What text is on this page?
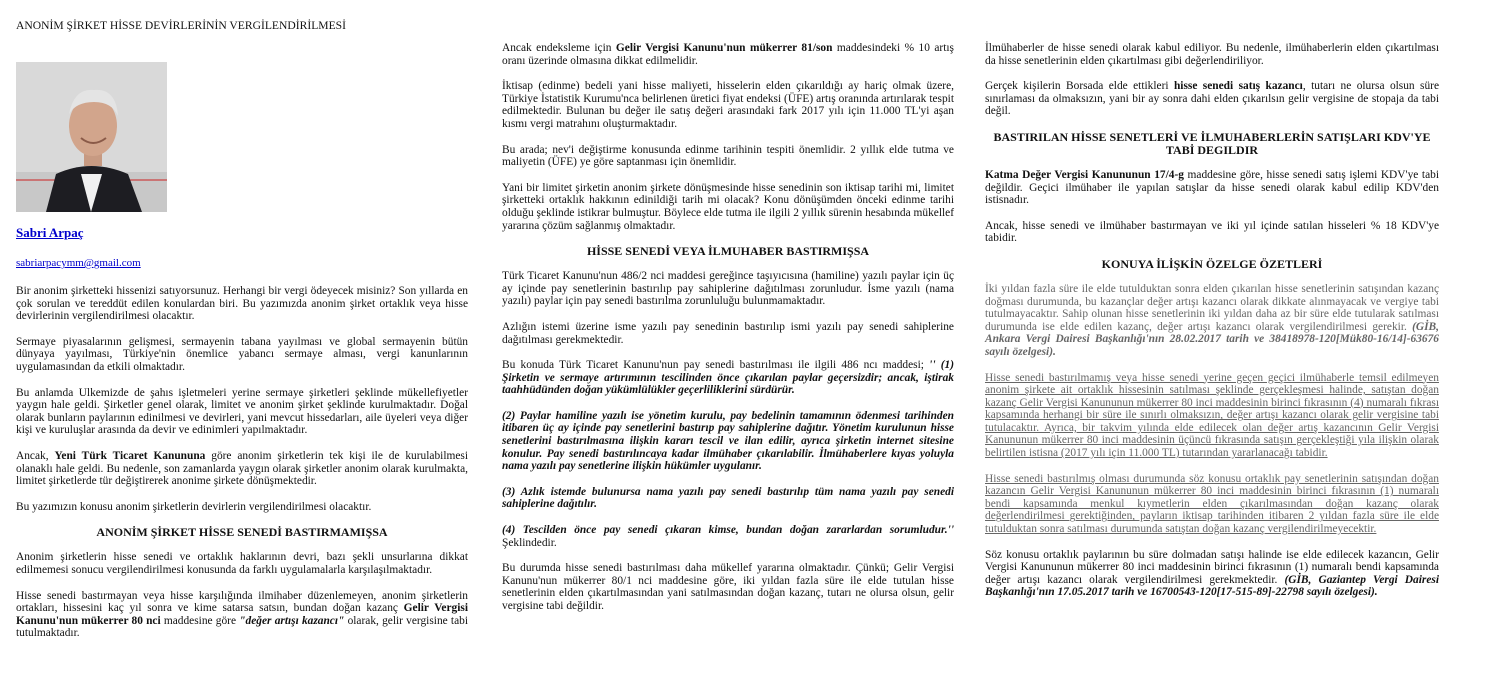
ANONİM ŞİRKET HİSSE DEVİRLERİNİN VERGİLENDİRİLMESİ
Sabri Arpaç
sabriarpacymm@gmail.com

Bir anonim şirketteki hissenizi satıyorsunuz. Herhangi bir vergi ödeyecek misiniz? Son yıllarda en çok sorulan ve tereddüt edilen konulardan biri. Bu yazımızda anonim şirket ortaklık veya hisse devirlerinin vergilendirilmesi olacaktır.

Sermaye piyasalarının gelişmesi, sermayenin tabana yayılması ve global sermayenin bütün dünyaya yayılması, Türkiye'nin önemlice yabancı sermaye alması, vergi kanunlarının uygulamasından da etkili olmaktadır.

Bu anlamda Ulkemizde de şahıs işletmeleri yerine sermaye şirketleri şeklinde mükellefiyetler yaygın hale geldi. Şirketler genel olarak, limitet ve anonim şirket şeklinde kurulmaktadır. Doğal olarak bunların paylarının edinilmesi ve devirleri, yani mevcut hissedarları, aile üyeleri veya diğer kişi ve kuruluşlar arasında da devir ve edinimleri yapılmaktadır.

Ancak, Yeni Türk Ticaret Kanununa göre anonim şirketlerin tek kişi ile de kurulabilmesi olanaklı hale geldi. Bu nedenle, son zamanlarda yaygın olarak şirketler anonim olarak kurulmakta, limitet şirketlerde tür değiştirerek anonime şirkete dönüşmektedir.

Bu yazımızın konusu anonim şirketlerin devirlerin vergilendirilmesi olacaktır.

ANONİM ŞİRKET HİSSE SENEDİ BASTIRMAMIŞSA

Anonim şirketlerin hisse senedi ve ortaklık haklarının devri, bazı şekli unsurlarına dikkat edilmemesi sonucu vergilendirilmesi konusunda da farklı uygulamalarla karşılaşılmaktadır.

Hisse senedi bastırmayan veya hisse karşılığında ilmihaber düzenlemeyen, anonim şirketlerin ortakları, hissesini kaç yıl sonra ve kime satarsa satsın, bundan doğan kazanç Gelir Vergisi Kanunu'nun mükerrer 80 nci maddesine göre "değer artışı kazancı" olarak, gelir vergisine tabi tutulmaktadır.

Ancak endeksleme için Gelir Vergisi Kanunu'nun mükerrer 81/son maddesindeki % 10 artış oranı üzerinde olmasına dikkat edilmelidir.

İktisap (edinme) bedeli yani hisse maliyeti, hisselerin elden çıkarıldığı ay hariç olmak üzere, Türkiye İstatistik Kurumu'nca belirlenen üretici fiyat endeksi (ÜFE) artış oranında artırılarak tespit edilmektedir. Bulunan bu değer ile satış değeri arasındaki fark 2017 yılı için 11.000 TL'yi aşan kısmı vergi matrahını oluşturmaktadır.

Bu arada; nev'i değiştirme konusunda edinme tarihinin tespiti önemlidir. 2 yıllık elde tutma ve maliyetin (ÜFE) ye göre saptanması için önemlidir.

Yani bir limitet şirketin anonim şirkete dönüşmesinde hisse senedinin son iktisap tarihi mi, limitet şirketteki ortaklık hakkının edinildiği tarih mi olacak? Konu dönüşümden önceki edinme tarihi olduğu şeklinde istikrar bulmuştur. Böylece elde tutma ile ilgili 2 yıllık sürenin hesabında mükellef yararına çözüm sağlanmış olmaktadır.

HİSSE SENEDİ VEYA İLMUHABER BASTIRMIŞSA

Türk Ticaret Kanunu'nun 486/2 nci maddesi gereğince taşıyıcısına (hamiline) yazılı paylar için üç ay içinde pay senetlerinin bastırılıp pay sahiplerine dağıtılması zorunludur. İsme yazılı (nama yazılı) paylar için pay senedi bastırılma zorunluluğu bulunmamaktadır.

Azlığın istemi üzerine isme yazılı pay senedinin bastırılıp ismi yazılı pay senedi sahiplerine dağıtılması gerekmektedir.

Bu konuda Türk Ticaret Kanunu'nun pay senedi bastırılması ile ilgili 486 ncı maddesi; '' (1) Şirketin ve sermaye artırımının tescilinden önce çıkarılan paylar geçersizdir; ancak, iştirak taahhüdünden doğan yükümlülükler geçerliliklerini sürdürür.

(2) Paylar hamiline yazılı ise yönetim kurulu, pay bedelinin tamamının ödenmesi tarihinden itibaren üç ay içinde pay senetlerini bastırıp pay sahiplerine dağıtır. Yönetim kurulunun hisse senetlerini bastırılmasına ilişkin kararı tescil ve ilan edilir, ayrıca şirketin internet sitesine konulur. Pay senedi bastırılıncaya kadar ilmühaber çıkarılabilir. İlmühaberlere kıyas yoluyla nama yazılı pay senetlerine ilişkin hükümler uygulanır.

(3) Azlık istemde bulunursa nama yazılı pay senedi bastırılıp tüm nama yazılı pay senedi sahiplerine dağıtılır.

(4) Tescilden önce pay senedi çıkaran kimse, bundan doğan zararlardan sorumludur.'' Şeklindedir.

Bu durumda hisse senedi bastırılması daha mükellef yararına olmaktadır. Çünkü; Gelir Vergisi Kanunu'nun mükerrer 80/1 nci maddesine göre, iki yıldan fazla süre ile elde tutulan hisse senetlerinin elden çıkartılmasından yani satılmasından doğan kazanç, tutarı ne olursa olsun, gelir vergisine tabi değildir.

İlmühaberler de hisse senedi olarak kabul ediliyor. Bu nedenle, ilmühaberlerin elden çıkartılması da hisse senetlerinin elden çıkartılması gibi değerlendiriliyor.

Gerçek kişilerin Borsada elde ettikleri hisse senedi satış kazancı, tutarı ne olursa olsun süre sınırlaması da olmaksızın, yani bir ay sonra dahi elden çıkarılsın gelir vergisine de stopaja da tabi değil.

BASTIRILAN HİSSE SENETLERİ VE İLMUHABERLERİN SATIŞLARI KDV'YE TABİ DEGILDIR

Katma Değer Vergisi Kanununun 17/4-g maddesine göre, hisse senedi satış işlemi KDV'ye tabi değildir. Geçici ilmühaber ile yapılan satışlar da hisse senedi olarak kabul edilip KDV'den istisnadır.

Ancak, hisse senedi ve ilmühaber bastırmayan ve iki yıl içinde satılan hisseleri % 18 KDV'ye tabidir.

KONUYA İLİŞKİN ÖZELGE ÖZETLERİ

İki yıldan fazla süre ile elde tutulduktan sonra elden çıkarılan hisse senetlerinin satışından kazanç doğması durumunda, bu kazançlar değer artışı kazancı olarak dikkate alınmayacak ve vergiye tabi tutulmayacaktır. Sahip olunan hisse senetlerinin iki yıldan daha az bir süre elde tutularak satılması durumunda ise elde edilen kazanç, değer artışı kazancı olarak vergilendirilmesi gerekir. (GİB, Ankara Vergi Dairesi Başkanlığı'nın 28.02.2017 tarih ve 38418978-120[Mük80-16/14]-63676 sayılı özelgesi).

Hisse senedi bastırılmamış veya hisse senedi yerine geçen geçici ilmühaberle temsil edilmeyen anonim şirkete ait ortaklık hissesinin satılması şeklinde gerçekleşmesi halinde, satıştan doğan kazanç Gelir Vergisi Kanununun mükerrer 80 inci maddesinin birinci fıkrasının (4) numaralı fıkrası kapsamında herhangi bir süre ile sınırlı olmaksızın, değer artışı kazancı olarak gelir vergisine tabi tutulacaktır. Ayrıca, bir takvim yılında elde edilecek olan değer artış kazancının Gelir Vergisi Kanununun mükerrer 80 inci maddesinin üçüncü fıkrasında satışın gerçekleştiği yıla ilişkin olarak belirtilen istisna (2017 yılı için 11.000 TL) tutarından yararlanacağı tabidir.

Hisse senedi bastırılmış olması durumunda söz konusu ortaklık pay senetlerinin satışından doğan kazancın Gelir Vergisi Kanununun mükerrer 80 inci maddesinin birinci fıkrasının (1) numaralı bendi kapsamında menkul kıymetlerin elden çıkarılmasından doğan kazanç olarak değerlendirilmesi gerektiğinden, payların iktisap tarihinden itibaren 2 yıldan fazla süre ile elde tutulduktan sonra satılması durumunda satıştan doğan kazanç vergilendirilmeyecektir.

Söz konusu ortaklık paylarının bu süre dolmadan satışı halinde ise elde edilecek kazancın, Gelir Vergisi Kanununun mükerrer 80 inci maddesinin birinci fıkrasının (1) numaralı bendi kapsamında değer artışı kazancı olarak vergilendirilmesi gerekmektedir. (GİB, Gaziantep Vergi Dairesi Başkanlığı'nın 17.05.2017 tarih ve 16700543-120[17-515-89]-22798 sayılı özelgesi).
